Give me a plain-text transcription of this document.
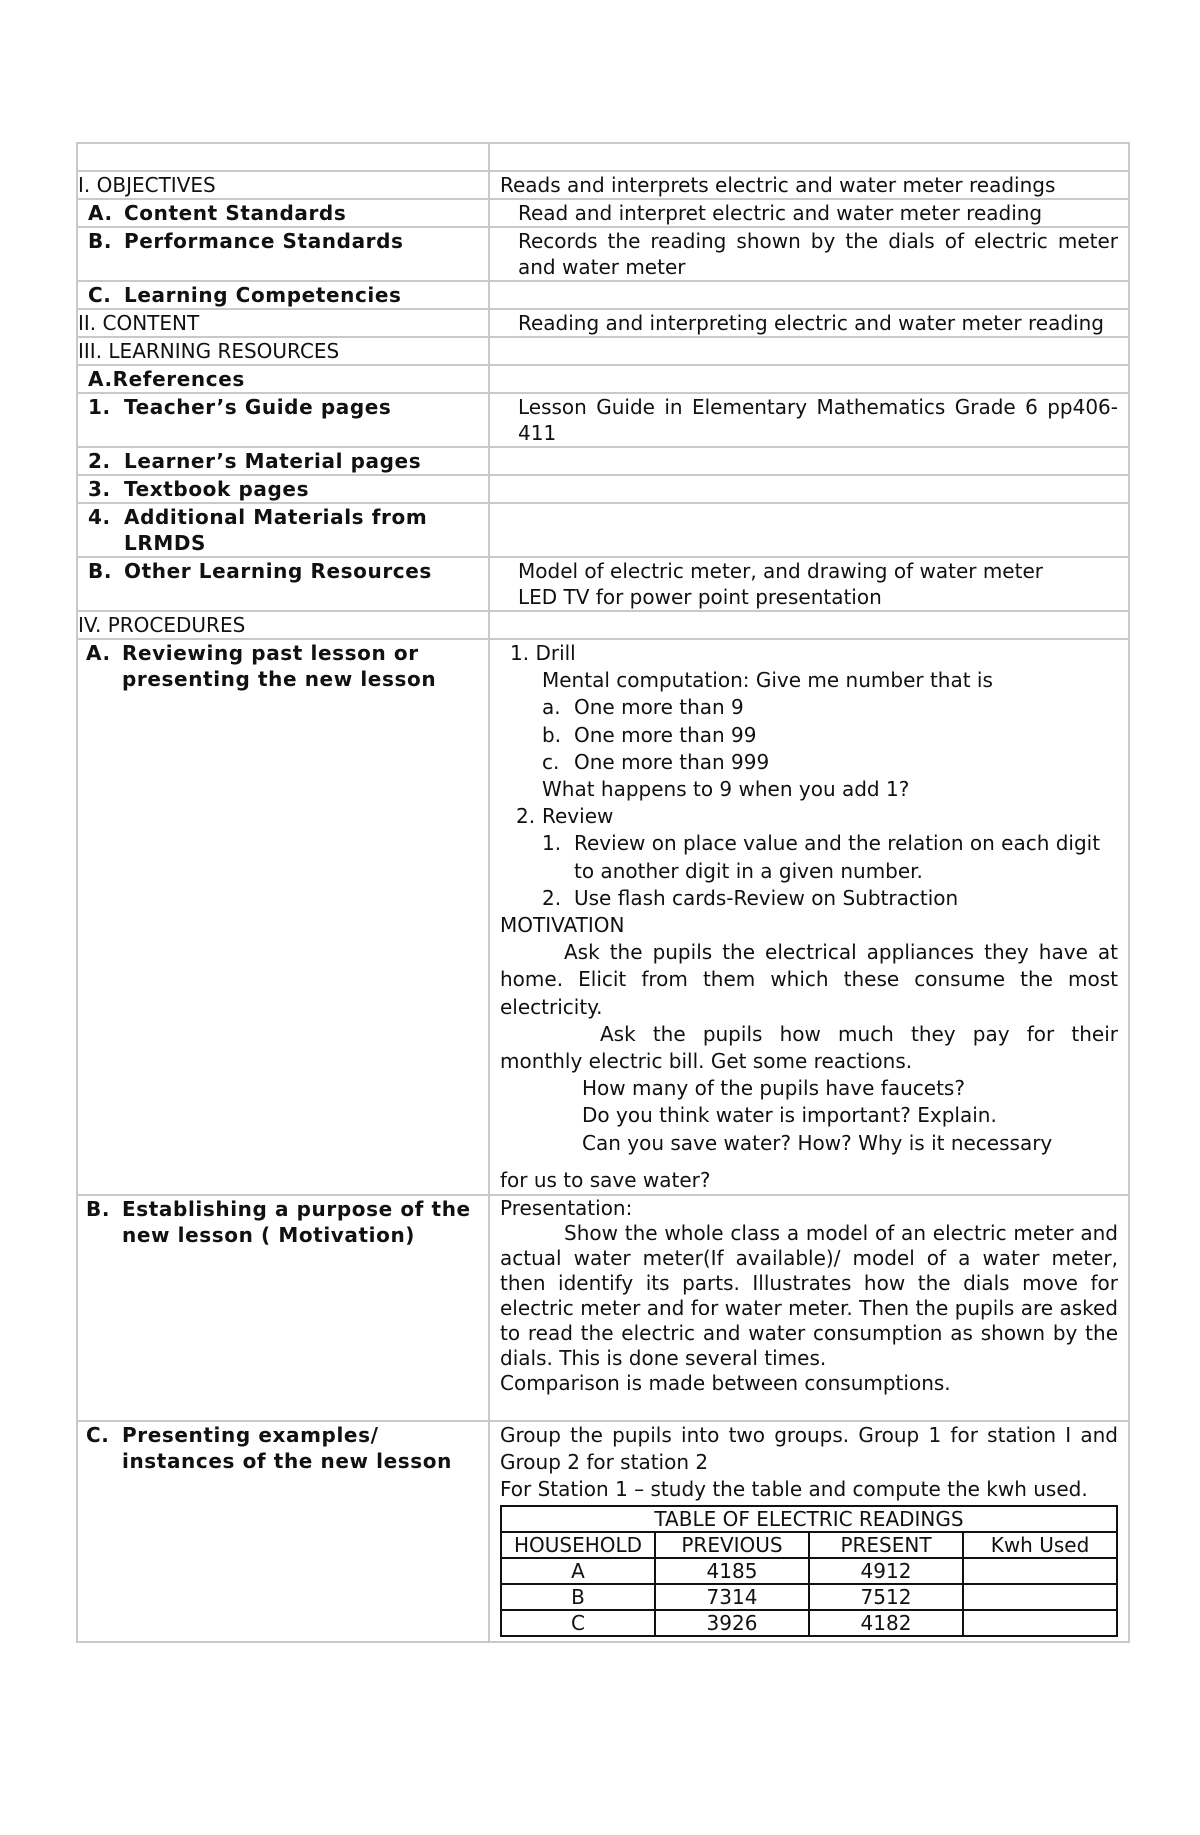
I. OBJECTIVES	Reads and interprets electric and water meter readings

A. Content Standards	Read and interpret electric and water meter reading

B. Performance Standards	Records the reading shown by the dials of electric meter and water meter

C. Learning Competencies

II. CONTENT	Reading and interpreting electric and water meter reading
III. LEARNING RESOURCES	
A.References	

1. Teacher’s Guide pages	Lesson Guide in Elementary Mathematics Grade 6 pp406-411

2. Learner’s Material pages

3. Textbook pages

4. Additional Materials from LRMDS

B. Other Learning Resources	Model of electric meter, and drawing of water meter
LED TV for power point presentation

IV. PROCEDURES	

A. Reviewing past lesson or presenting the new lesson

1. Drill
Mental computation: Give me number that is
a. One more than 9
b. One more than 99
c. One more than 999
What happens to 9 when you add 1?
2. Review
1. Review on place value and the relation on each digit to another digit in a given number.
2. Use flash cards-Review on Subtraction
MOTIVATION
Ask the pupils the electrical appliances they have at home. Elicit from them which these consume the most electricity.
Ask the pupils how much they pay for their monthly electric bill. Get some reactions.
How many of the pupils have faucets?
Do you think water is important? Explain.
Can you save water? How? Why is it necessary
for us to save water?

B. Establishing a purpose of the new lesson ( Motivation)

Presentation:
Show the whole class a model of an electric meter and actual water meter(If available)/ model of a water meter, then identify its parts. Illustrates how the dials move for electric meter and for water meter. Then the pupils are asked to read the electric and water consumption as shown by the dials. This is done several times.
Comparison is made between consumptions.

C. Presenting examples/ instances of the new lesson

Group the pupils into two groups. Group 1 for station I and Group 2 for station 2
For Station 1 – study the table and compute the kwh used.
TABLE OF ELECTRIC READINGS
HOUSEHOLD	PREVIOUS	PRESENT	Kwh Used
A	4185	4912	
B	7314	7512	
C	3926	4182	
